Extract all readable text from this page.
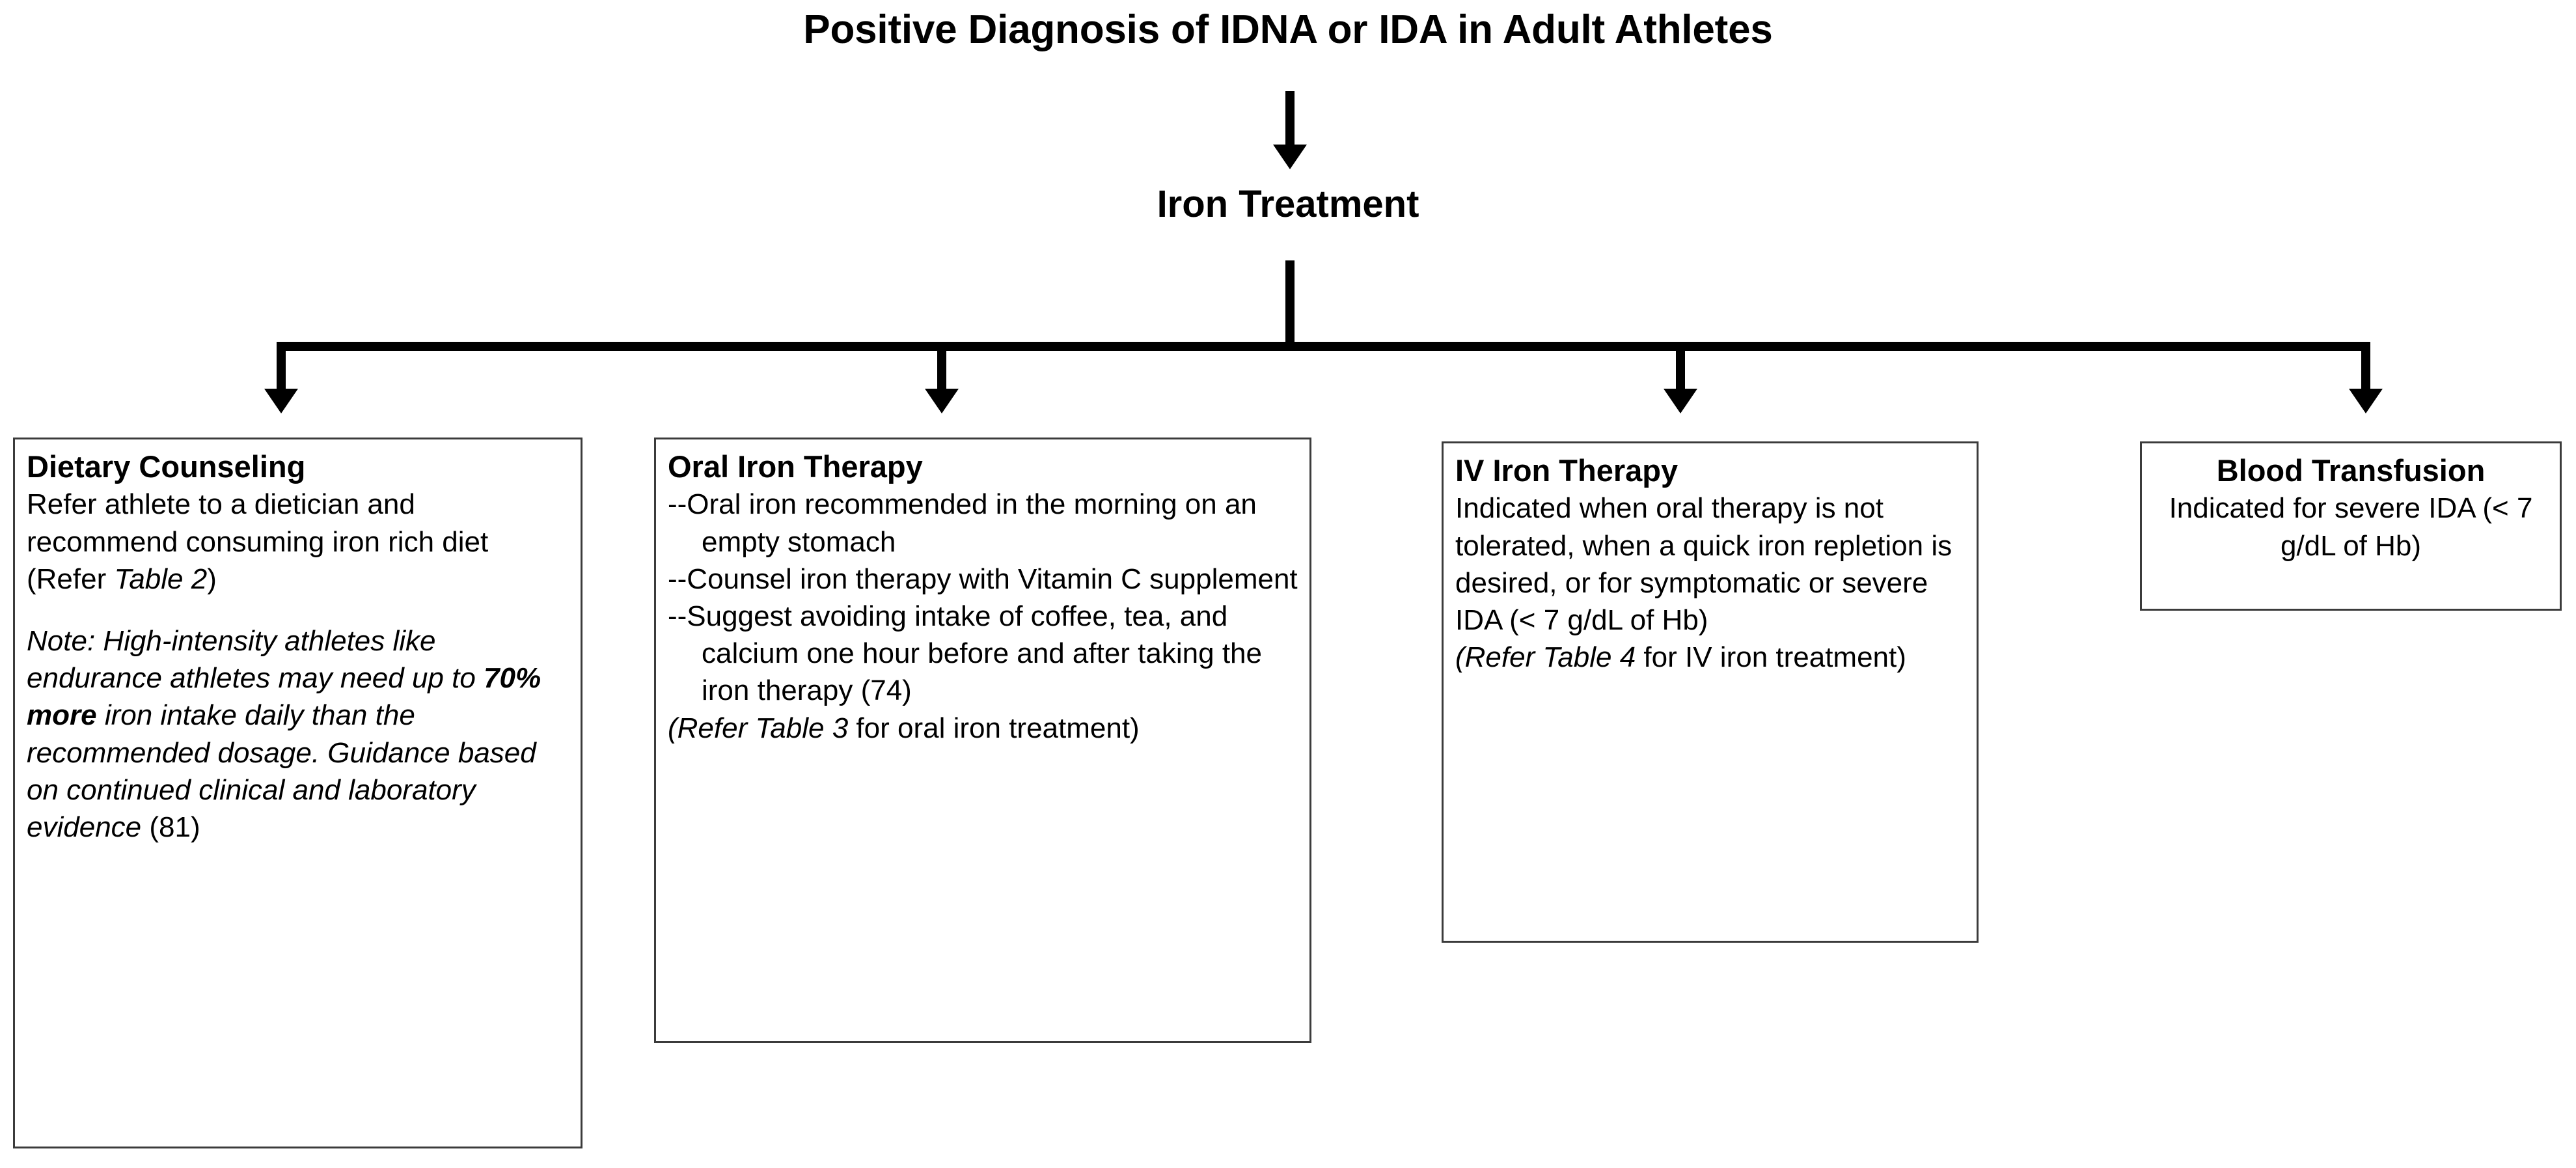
Positive Diagnosis of IDNA or IDA in Adult Athletes
Iron Treatment
Dietary Counseling

Refer athlete to a dietician and recommend consuming iron rich diet (Refer Table 2)

Note: High-intensity athletes like endurance athletes may need up to 70% more iron intake daily than the recommended dosage. Guidance based on continued clinical and laboratory evidence (81)

Oral Iron Therapy

--Oral iron recommended in the morning on an empty stomach

--Counsel iron therapy with Vitamin C supplement

--Suggest avoiding intake of coffee, tea, and calcium one hour before and after taking the iron therapy (74)

(Refer Table 3 for oral iron treatment)

IV Iron Therapy

Indicated when oral therapy is not tolerated, when a quick iron repletion is desired, or for symptomatic or severe IDA (< 7 g/dL of Hb)

(Refer Table 4 for IV iron treatment)

Blood Transfusion

Indicated for severe IDA (< 7 g/dL of Hb)
